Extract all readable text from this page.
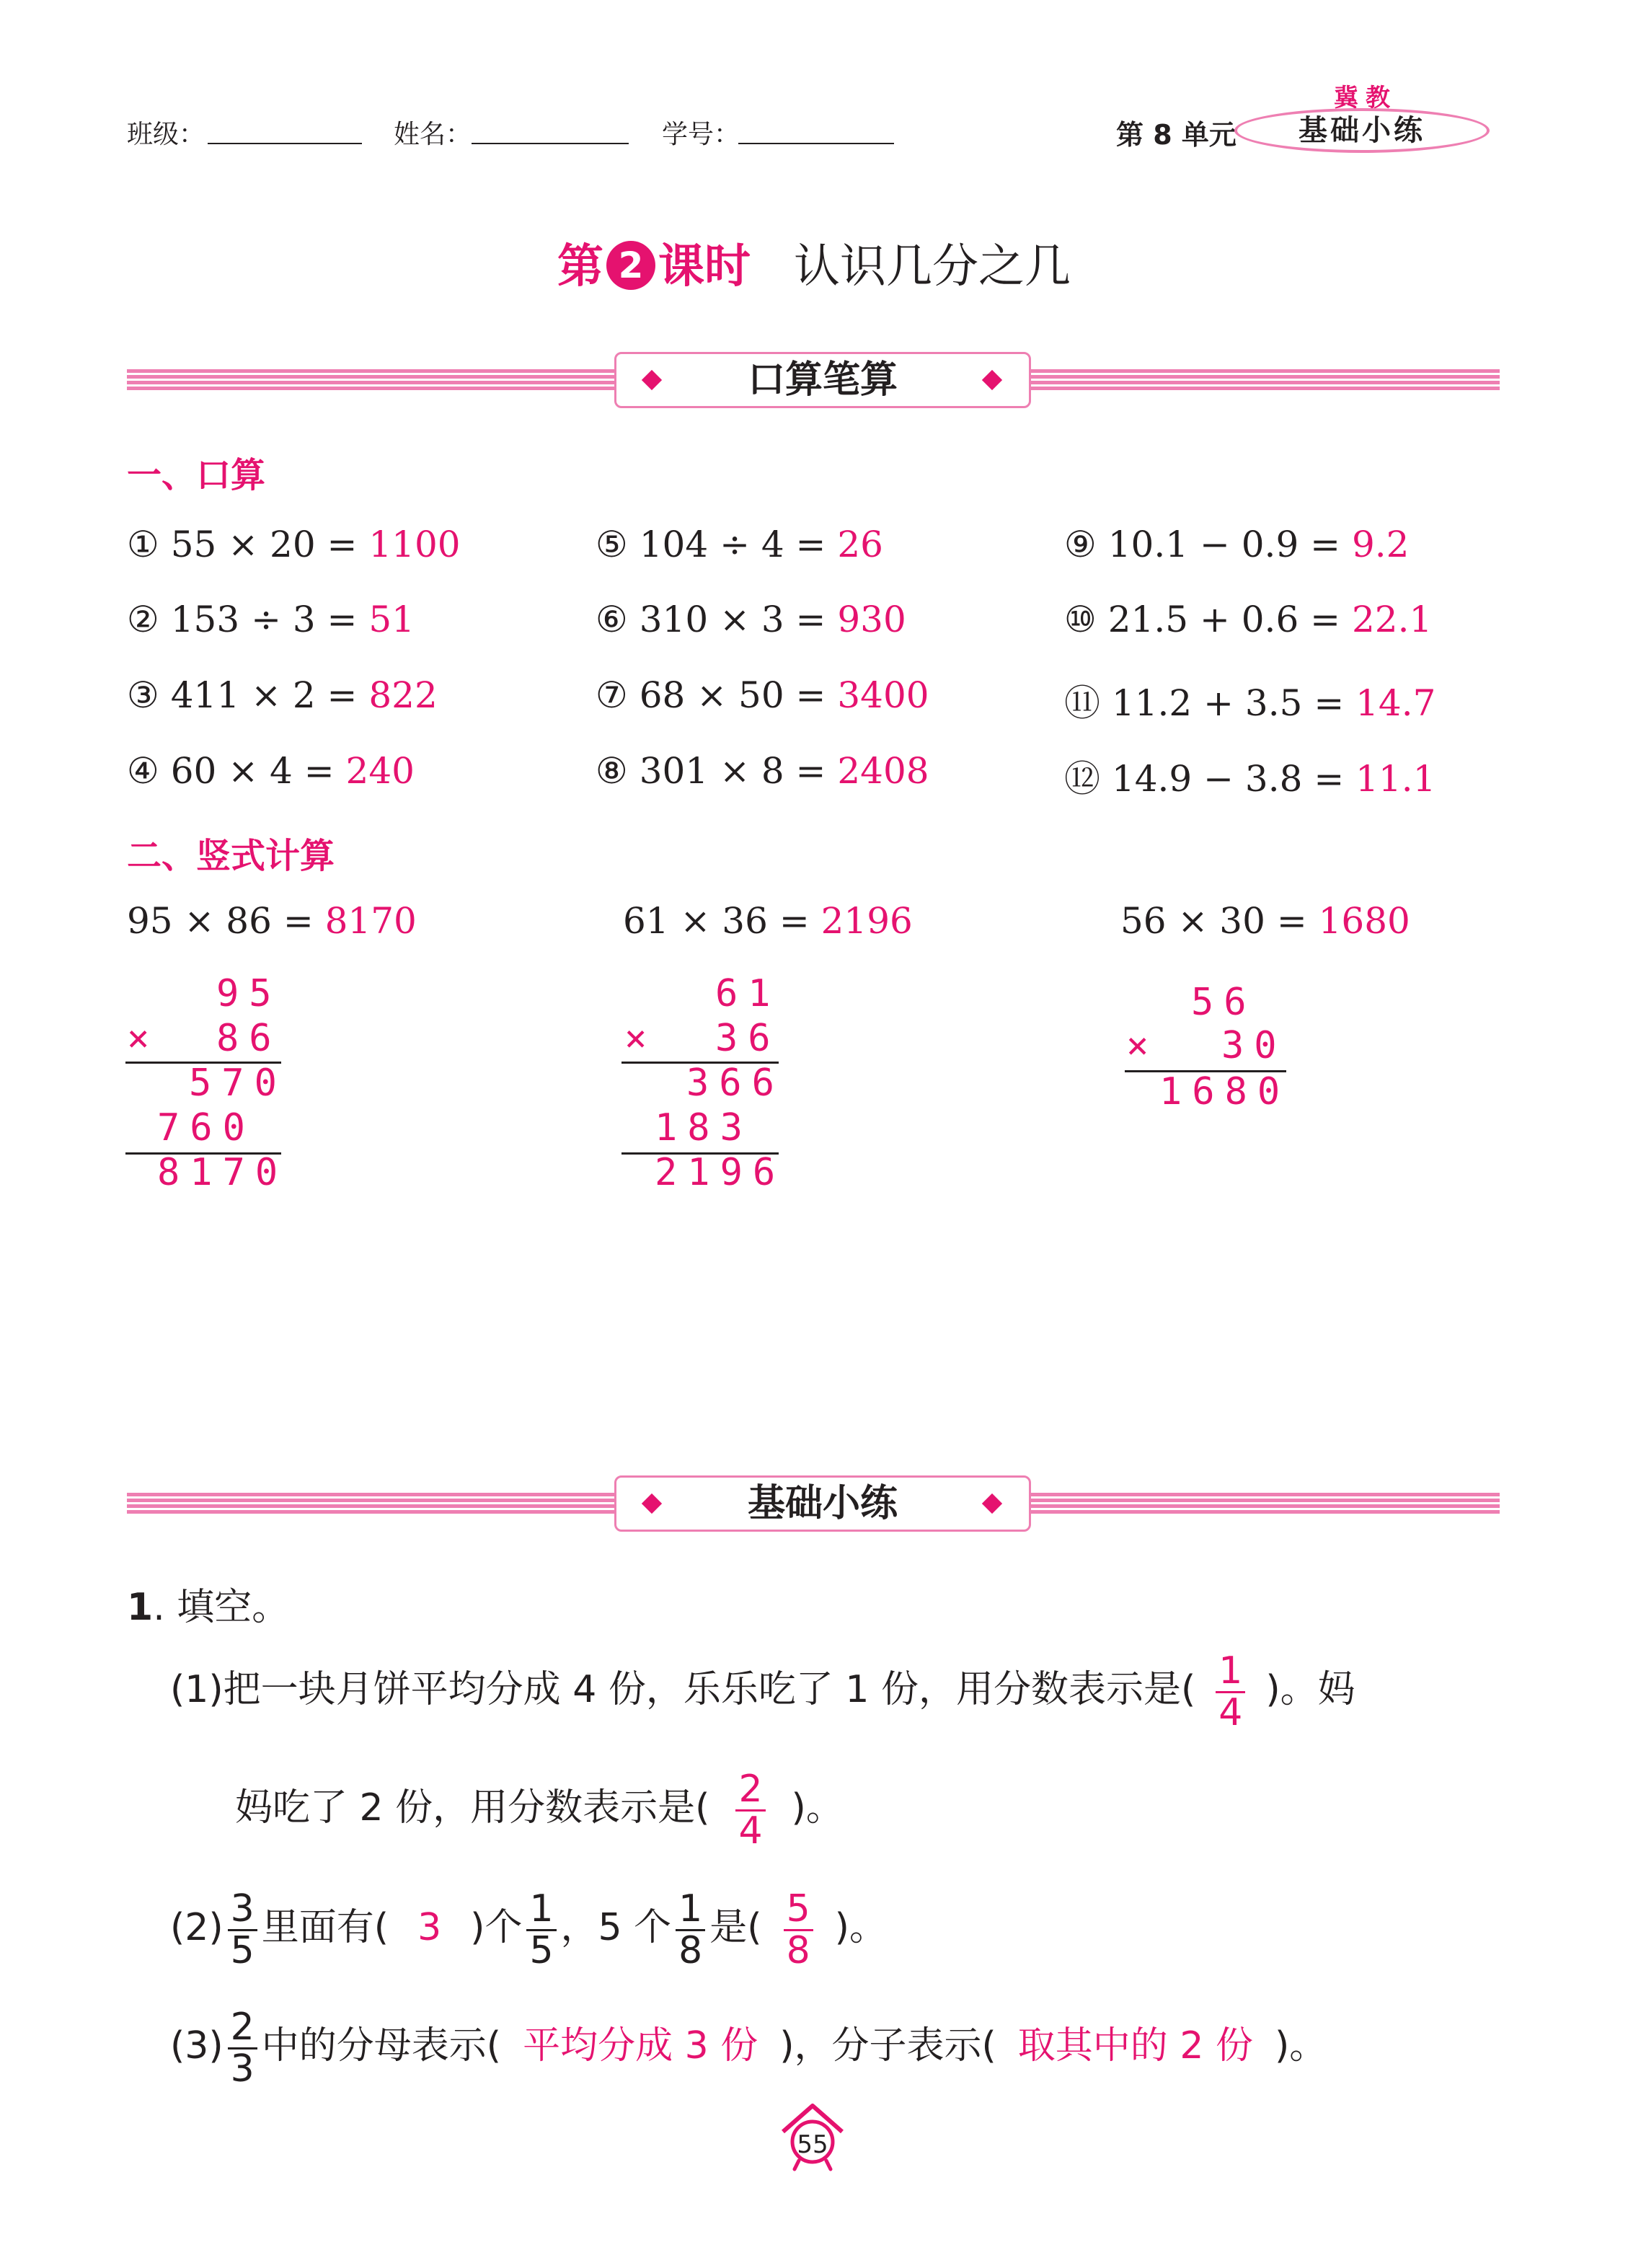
班级：	姓名：	学号：	第 8 单元
冀教
基础小练
第 2 课时 认识几分之几
口算笔算
一、口算
① 55 × 20 = 1100
② 153 ÷ 3 = 51
③ 411 × 2 = 822
④ 60 × 4 = 240
⑤ 104 ÷ 4 = 26
⑥ 310 × 3 = 930
⑦ 68 × 50 = 3400
⑧ 301 × 8 = 2408
⑨ 10.1 − 0.9 = 9.2
⑩ 21.5 + 0.6 = 22.1
⑪ 11.2 + 3.5 = 14.7
⑫ 14.9 − 3.8 = 11.1
二、竖式计算
95 × 86 = 8170	61 × 36 = 2196	56 × 30 = 1680
95
× 86
570
760
8170
61
× 36
366
183
2196
56
× 30
1680
基础小练
1. 填空。
(1)把一块月饼平均分成 4 份，乐乐吃了 1 份，用分数表示是( $\frac{1}{4}$ )。妈
妈吃了 2 份，用分数表示是( $\frac{2}{4}$ )。
$(2) \frac{3}{5}$ 里面有( 3 )个 $\frac{1}{5}$ ，5 个 $\frac{1}{8}$ 是( $\frac{5}{8}$ )。
$(3) \frac{2}{3}$ 中的分母表示( 平均分成 3 份 )，分子表示( 取其中的 2 份 )。
55
